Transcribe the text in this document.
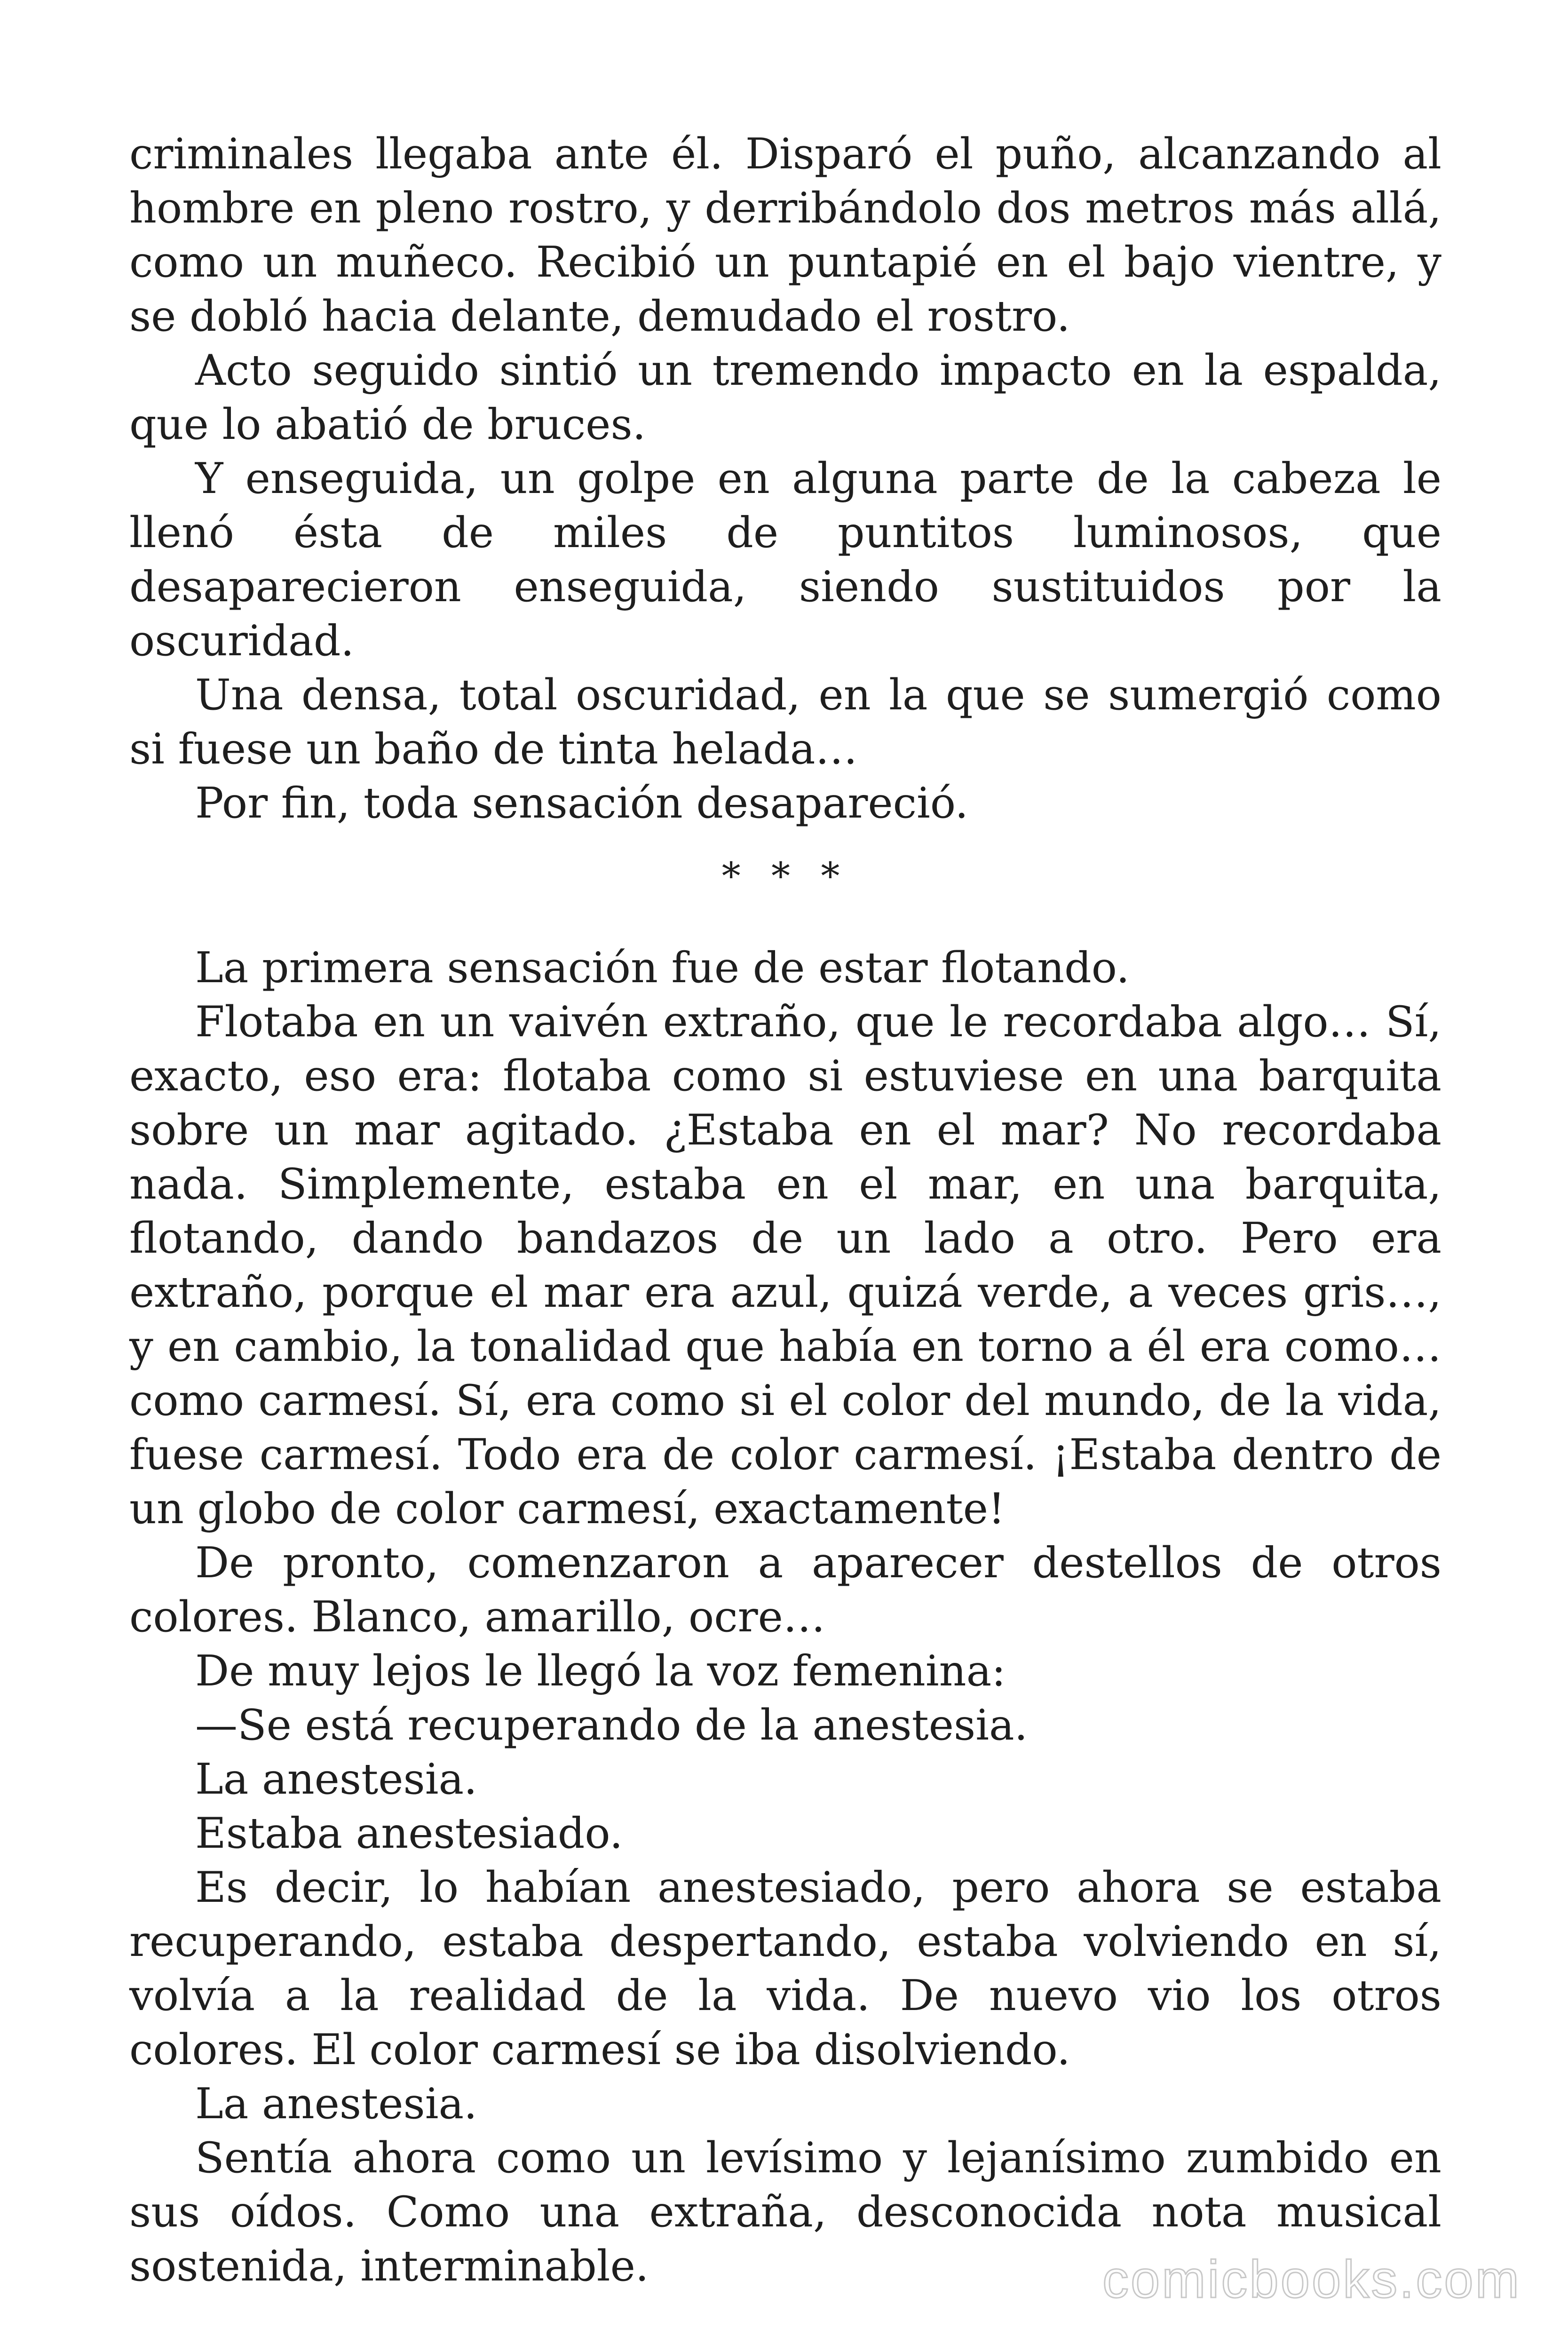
criminales llegaba ante él. Disparó el puño, alcanzando al hombre en pleno rostro, y derribándolo dos metros más allá, como un muñeco. Recibió un puntapié en el bajo vientre, y se dobló hacia delante, demudado el rostro.

Acto seguido sintió un tremendo impacto en la espalda, que lo abatió de bruces.

Y enseguida, un golpe en alguna parte de la cabeza le llenó ésta de miles de puntitos luminosos, que desaparecieron enseguida, siendo sustituidos por la oscuridad.

Una densa, total oscuridad, en la que se sumergió como si fuese un baño de tinta helada…

Por fin, toda sensación desapareció.

* * *

La primera sensación fue de estar flotando.

Flotaba en un vaivén extraño, que le recordaba algo… Sí, exacto, eso era: flotaba como si estuviese en una barquita sobre un mar agitado. ¿Estaba en el mar? No recordaba nada. Simplemente, estaba en el mar, en una barquita, flotando, dando bandazos de un lado a otro. Pero era extraño, porque el mar era azul, quizá verde, a veces gris…, y en cambio, la tonalidad que había en torno a él era como… como carmesí. Sí, era como si el color del mundo, de la vida, fuese carmesí. Todo era de color carmesí. ¡Estaba dentro de un globo de color carmesí, exactamente!

De pronto, comenzaron a aparecer destellos de otros colores. Blanco, amarillo, ocre…

De muy lejos le llegó la voz femenina:

—Se está recuperando de la anestesia.

La anestesia.

Estaba anestesiado.

Es decir, lo habían anestesiado, pero ahora se estaba recuperando, estaba despertando, estaba volviendo en sí, volvía a la realidad de la vida. De nuevo vio los otros colores. El color carmesí se iba disolviendo.

La anestesia.

Sentía ahora como un levísimo y lejanísimo zumbido en sus oídos. Como una extraña, desconocida nota musical sostenida, interminable.	comicbooks.com
